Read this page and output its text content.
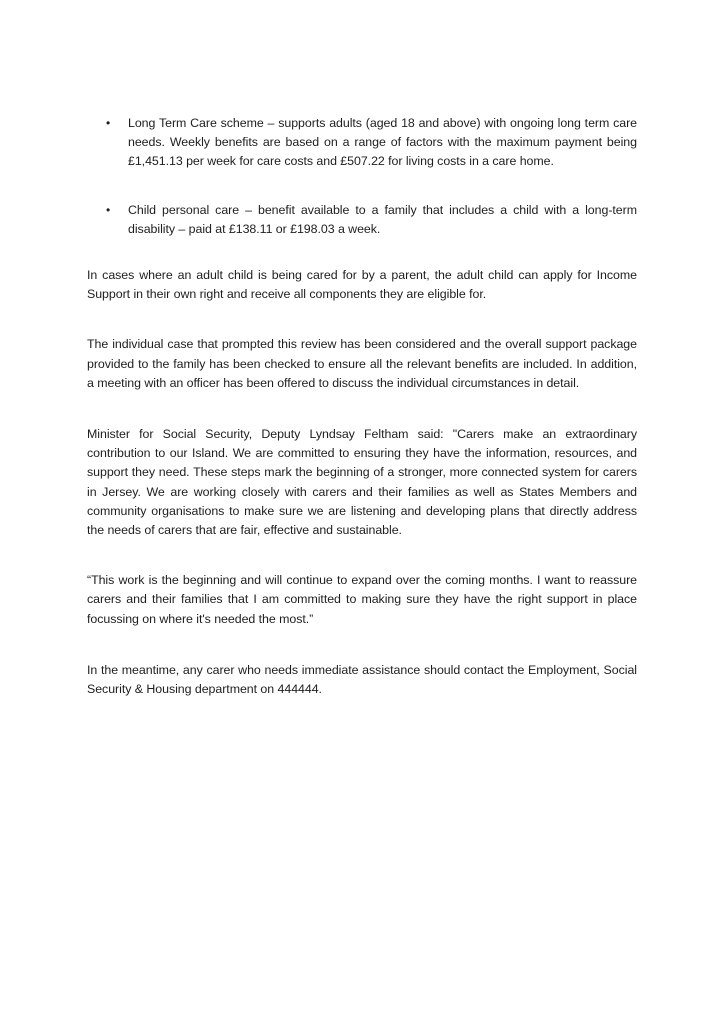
• Long Term Care scheme – supports adults (aged 18 and above) with ongoing long term care needs. Weekly benefits are based on a range of factors with the maximum payment being £1,451.13 per week for care costs and £507.22 for living costs in a care home.
• Child personal care – benefit available to a family that includes a child with a long-term disability – paid at £138.11 or £198.03 a week.

In cases where an adult child is being cared for by a parent, the adult child can apply for Income Support in their own right and receive all components they are eligible for.

The individual case that prompted this review has been considered and the overall support package provided to the family has been checked to ensure all the relevant benefits are included. In addition, a meeting with an officer has been offered to discuss the individual circumstances in detail.

Minister for Social Security, Deputy Lyndsay Feltham said: "Carers make an extraordinary contribution to our Island. We are committed to ensuring they have the information, resources, and support they need. These steps mark the beginning of a stronger, more connected system for carers in Jersey. We are working closely with carers and their families as well as States Members and community organisations to make sure we are listening and developing plans that directly address the needs of carers that are fair, effective and sustainable.

“This work is the beginning and will continue to expand over the coming months. I want to reassure carers and their families that I am committed to making sure they have the right support in place focussing on where it's needed the most.”

In the meantime, any carer who needs immediate assistance should contact the Employment, Social Security & Housing department on 444444.
